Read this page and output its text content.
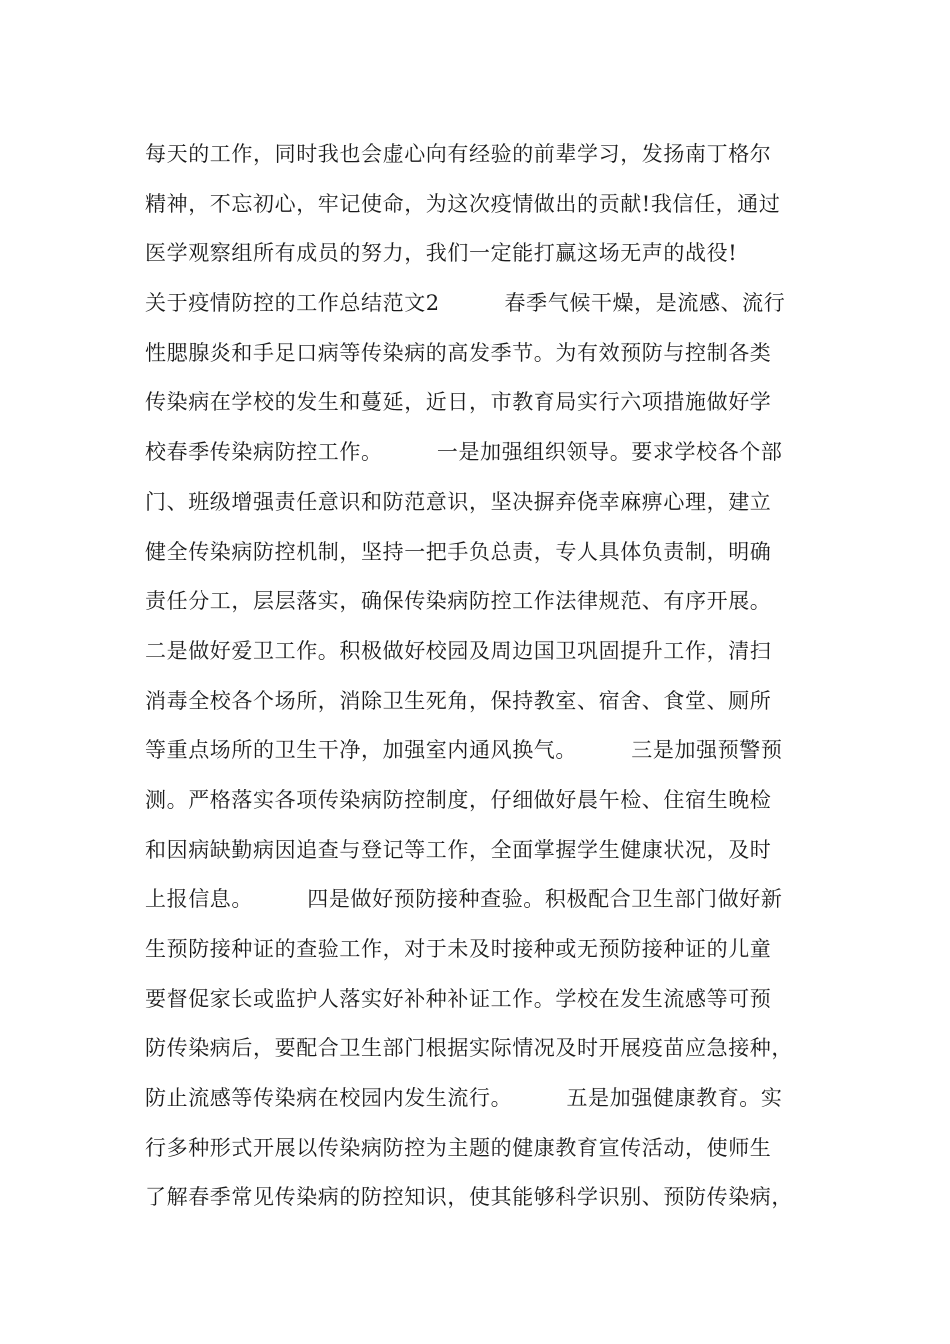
每天的工作，同时我也会虚心向有经验的前辈学习，发扬南丁格尔
精神，不忘初心，牢记使命，为这次疫情做出的贡献!我信任，通过
医学观察组所有成员的努力，我们一定能打赢这场无声的战役!
关于疫情防控的工作总结范文2　　　春季气候干燥，是流感、流行
性腮腺炎和手足口病等传染病的高发季节。为有效预防与控制各类
传染病在学校的发生和蔓延，近日，市教育局实行六项措施做好学
校春季传染病防控工作。　　　一是加强组织领导。要求学校各个部
门、班级增强责任意识和防范意识，坚决摒弃侥幸麻痹心理，建立
健全传染病防控机制，坚持一把手负总责，专人具体负责制，明确
责任分工，层层落实，确保传染病防控工作法律规范、有序开展。
二是做好爱卫工作。积极做好校园及周边国卫巩固提升工作，清扫
消毒全校各个场所，消除卫生死角，保持教室、宿舍、食堂、厕所
等重点场所的卫生干净，加强室内通风换气。　　　三是加强预警预
测。严格落实各项传染病防控制度，仔细做好晨午检、住宿生晚检
和因病缺勤病因追查与登记等工作，全面掌握学生健康状况，及时
上报信息。　　　四是做好预防接种查验。积极配合卫生部门做好新
生预防接种证的查验工作，对于未及时接种或无预防接种证的儿童
要督促家长或监护人落实好补种补证工作。学校在发生流感等可预
防传染病后，要配合卫生部门根据实际情况及时开展疫苗应急接种，
防止流感等传染病在校园内发生流行。　　　五是加强健康教育。实
行多种形式开展以传染病防控为主题的健康教育宣传活动，使师生
了解春季常见传染病的防控知识，使其能够科学识别、预防传染病，
